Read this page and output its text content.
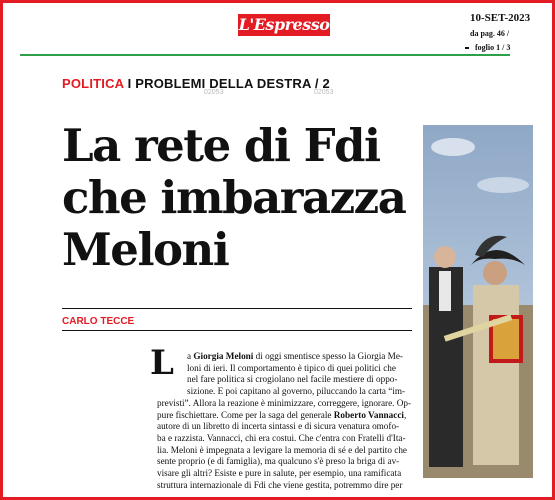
L'Espresso	10-SET-2023
da pag. 46 /
foglio 1 / 3
POLITICA I PROBLEMI DELLA DESTRA / 2
02053	02053
La rete di Fdi
che imbarazza
Meloni
CARLO TECCE
L a Giorgia Meloni di oggi smentisce spesso la Giorgia Me-
loni di ieri. Il comportamento è tipico di quei politici che
nel fare politica si crogiolano nel facile mestiere di oppo-
sizione. E poi capitano al governo, piluccando la carta “im-
previsti”. Allora la reazione è minimizzare, correggere, ignorare. Op-
pure fischiettare. Come per la saga del generale Roberto Vannacci,
autore di un libretto di incerta sintassi e di sicura venatura omofo-
ba e razzista. Vannacci, chi era costui. Che c'entra con Fratelli d'Ita-
lia. Meloni è impegnata a levigare la memoria di sé e del partito che
sente proprio (e di famiglia), ma qualcuno s'è preso la briga di av-
visare gli altri? Esiste e pure in salute, per esempio, una ramificata
struttura internazionale di Fdi che viene gestita, potremmo dire per
